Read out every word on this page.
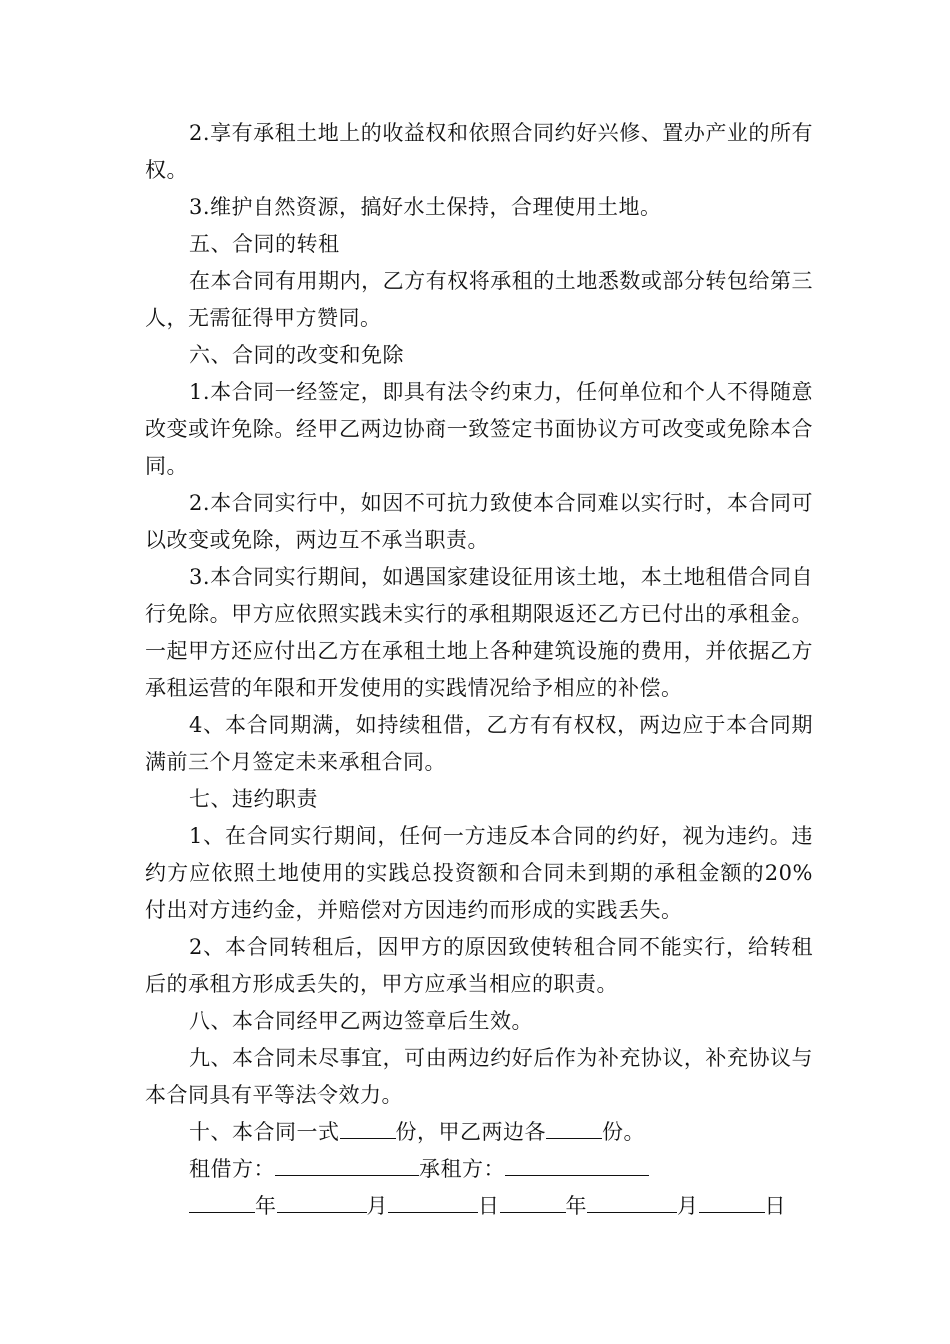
2.享有承租土地上的收益权和依照合同约好兴修、置办产业的所有权。

3.维护自然资源，搞好水土保持，合理使用土地。

五、合同的转租

在本合同有用期内，乙方有权将承租的土地悉数或部分转包给第三人，无需征得甲方赞同。

六、合同的改变和免除

1.本合同一经签定，即具有法令约束力，任何单位和个人不得随意改变或许免除。经甲乙两边协商一致签定书面协议方可改变或免除本合同。

2.本合同实行中，如因不可抗力致使本合同难以实行时，本合同可以改变或免除，两边互不承当职责。

3.本合同实行期间，如遇国家建设征用该土地，本土地租借合同自行免除。甲方应依照实践未实行的承租期限返还乙方已付出的承租金。一起甲方还应付出乙方在承租土地上各种建筑设施的费用，并依据乙方承租运营的年限和开发使用的实践情况给予相应的补偿。

4、本合同期满，如持续租借，乙方有有权权，两边应于本合同期满前三个月签定未来承租合同。

七、违约职责

1、在合同实行期间，任何一方违反本合同的约好，视为违约。违约方应依照土地使用的实践总投资额和合同未到期的承租金额的20%付出对方违约金，并赔偿对方因违约而形成的实践丢失。

2、本合同转租后，因甲方的原因致使转租合同不能实行，给转租后的承租方形成丢失的，甲方应承当相应的职责。

八、本合同经甲乙两边签章后生效。

九、本合同未尽事宜，可由两边约好后作为补充协议，补充协议与本合同具有平等法令效力。

十、本合同一式	份，甲乙两边各	份。

租借方：	承租方：

年	月	日	年	月	日
